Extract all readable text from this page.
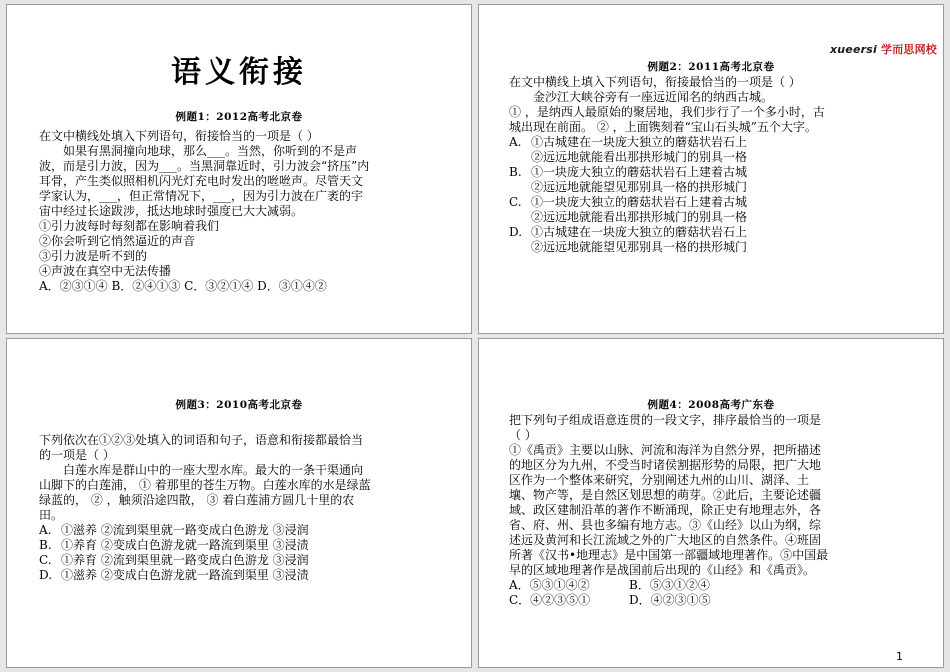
语义衔接
例题1：2012高考北京卷

在文中横线处填入下列语句，衔接恰当的一项是（ ）

如果有黑洞撞向地球，那么___。当然，你听到的不是声波，而是引力波，因为___。当黑洞靠近时，引力波会“挤压”内耳骨，产生类似照相机闪光灯充电时发出的咝咝声。尽管天文学家认为，___，但正常情况下，___，因为引力波在广袤的宇宙中经过长途跋涉，抵达地球时强度已大大减弱。

①引力波每时每刻都在影响着我们

②你会听到它悄然逼近的声音

③引力波是听不到的

④声波在真空中无法传播

A．②③①④ B．②④①③ C．③②①④ D．③①④②

xueersi 学而思网校
例题2：2011高考北京卷

在文中横线上填入下列语句，衔接最恰当的一项是（ ）

金沙江大峡谷旁有一座远近闻名的纳西古城。

① ，是纳西人最原始的聚居地，我们步行了一个多小时，古城出现在前面。 ② ，上面镌刻着“宝山石头城”五个大字。

A. ①古城建在一块庞大独立的蘑菇状岩石上
②远远地就能看出那拱形城门的别具一格
B. ①一块庞大独立的蘑菇状岩石上建着古城
②远远地就能望见那别具一格的拱形城门
C. ①一块庞大独立的蘑菇状岩石上建着古城
②远远地就能看出那拱形城门的别具一格
D. ①古城建在一块庞大独立的蘑菇状岩石上
②远远地就能望见那别具一格的拱形城门
例题3：2010高考北京卷

下列依次在①②③处填入的词语和句子，语意和衔接都最恰当的一项是（ ）

白莲水库是群山中的一座大型水库。最大的一条干渠通向山脚下的白莲浦， ① 着那里的苍生万物。白莲水库的水是绿蓝绿蓝的， ② ，触须沿途四散， ③ 着白莲浦方圆几十里的农田。

A. ①滋养 ②流到渠里就一路变成白色游龙 ③浸润
B. ①养育 ②变成白色游龙就一路流到渠里 ③浸渍
C. ①养育 ②流到渠里就一路变成白色游龙 ③浸润
D. ①滋养 ②变成白色游龙就一路流到渠里 ③浸渍
例题4：2008高考广东卷

把下列句子组成语意连贯的一段文字，排序最恰当的一项是（ ）

①《禹贡》主要以山脉、河流和海洋为自然分界，把所描述的地区分为九州，不受当时诸侯割据形势的局限，把广大地区作为一个整体来研究，分别阐述九州的山川、湖泽、土壤、物产等，是自然区划思想的萌芽。②此后，主要论述疆域、政区建制沿革的著作不断涌现，除正史有地理志外，各省、府、州、县也多编有地方志。③《山经》以山为纲，综述远及黄河和长江流域之外的广大地区的自然条件。④班固所著《汉书•地理志》是中国第一部疆域地理著作。⑤中国最早的区域地理著作是战国前后出现的《山经》和《禹贡》。

A．⑤③①④②	B．⑤③①②④
C．④②③⑤①	D．④②③①⑤
1
